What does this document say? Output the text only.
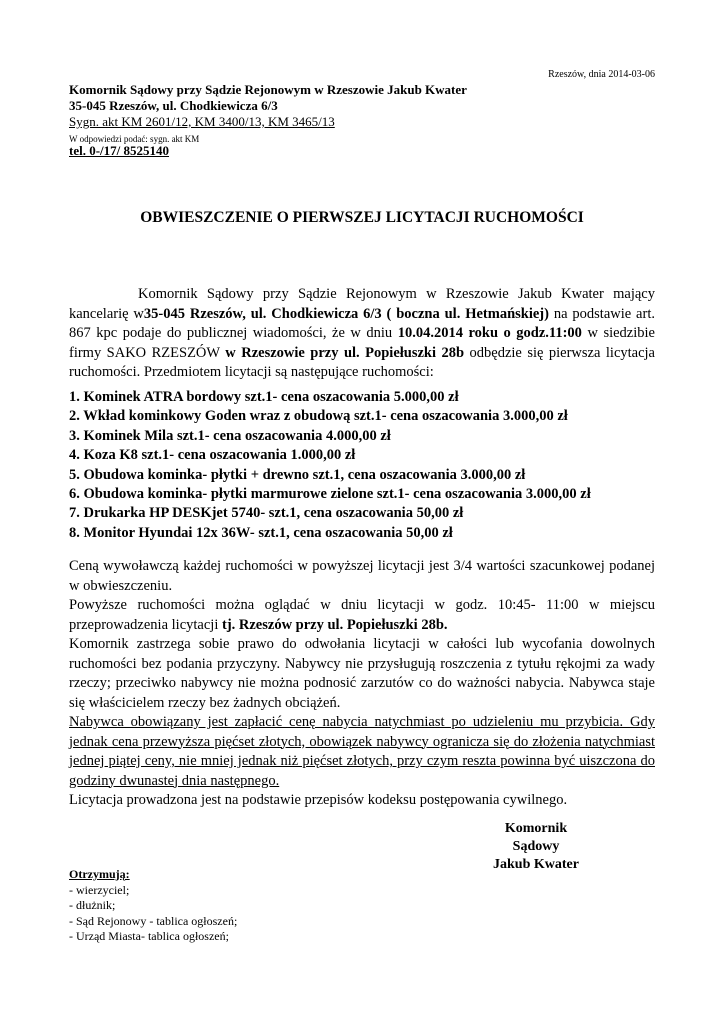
Rzeszów, dnia 2014-03-06
Komornik Sądowy przy Sądzie Rejonowym w Rzeszowie Jakub Kwater
35-045 Rzeszów, ul. Chodkiewicza 6/3
Sygn. akt KM 2601/12, KM 3400/13, KM 3465/13
W odpowiedzi podać: sygn. akt KM
tel. 0-/17/ 8525140
OBWIESZCZENIE O PIERWSZEJ LICYTACJI RUCHOMOŚCI

Komornik Sądowy przy Sądzie Rejonowym w Rzeszowie Jakub Kwater mający kancelarię w35-045 Rzeszów, ul. Chodkiewicza 6/3 ( boczna ul. Hetmańskiej) na podstawie art. 867 kpc podaje do publicznej wiadomości, że w dniu 10.04.2014 roku o godz.11:00 w siedzibie firmy SAKO RZESZÓW w Rzeszowie przy ul. Popiełuszki 28b odbędzie się pierwsza licytacja ruchomości. Przedmiotem licytacji są następujące ruchomości:

1. Kominek ATRA bordowy szt.1- cena oszacowania 5.000,00 zł
2. Wkład kominkowy Goden wraz z obudową szt.1- cena oszacowania 3.000,00 zł
3. Kominek Mila szt.1- cena oszacowania 4.000,00 zł
4. Koza K8 szt.1- cena oszacowania 1.000,00 zł
5. Obudowa kominka- płytki + drewno szt.1, cena oszacowania 3.000,00 zł
6. Obudowa kominka- płytki marmurowe zielone szt.1- cena oszacowania 3.000,00 zł
7. Drukarka HP DESKjet 5740- szt.1, cena oszacowania 50,00 zł
8. Monitor Hyundai 12x 36W- szt.1, cena oszacowania 50,00 zł

Ceną wywoławczą każdej ruchomości w powyższej licytacji jest 3/4 wartości szacunkowej podanej w obwieszczeniu.

Powyższe ruchomości można oglądać w dniu licytacji w godz. 10:45- 11:00 w miejscu przeprowadzenia licytacji tj. Rzeszów przy ul. Popiełuszki 28b.

Komornik zastrzega sobie prawo do odwołania licytacji w całości lub wycofania dowolnych ruchomości bez podania przyczyny. Nabywcy nie przysługują roszczenia z tytułu rękojmi za wady rzeczy; przeciwko nabywcy nie można podnosić zarzutów co do ważności nabycia. Nabywca staje się właścicielem rzeczy bez żadnych obciążeń.

Nabywca obowiązany jest zapłacić cenę nabycia natychmiast po udzieleniu mu przybicia. Gdy jednak cena przewyższa pięćset złotych, obowiązek nabywcy ogranicza się do złożenia natychmiast jednej piątej ceny, nie mniej jednak niż pięćset złotych, przy czym reszta powinna być uiszczona do godziny dwunastej dnia następnego.

Licytacja prowadzona jest na podstawie przepisów kodeksu postępowania cywilnego.

Komornik Sądowy
Jakub Kwater
Otrzymują:
- wierzyciel;
- dłużnik;
- Sąd Rejonowy - tablica ogłoszeń;
- Urząd Miasta- tablica ogłoszeń;
